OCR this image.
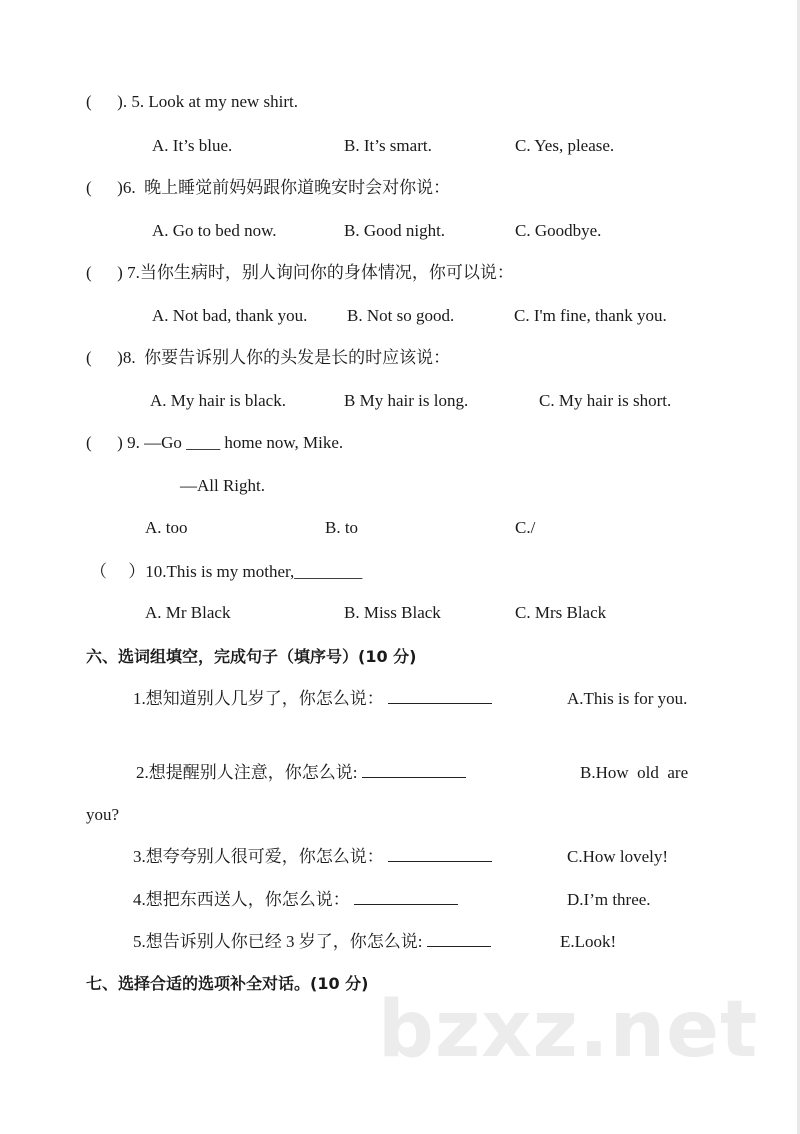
(      ). 5. Look at my new shirt.
A. It’s blue.	B. It’s smart.	C. Yes, please.
(      )6.  晚上睡觉前妈妈跟你道晚安时会对你说：
A. Go to bed now.	B. Good night.	C. Goodbye.
(      ) 7.当你生病时，别人询问你的身体情况，你可以说：
A. Not bad, thank you. B. Not so good.	C. I'm fine, thank you.
(      )8.  你要告诉别人你的头发是长的时应该说：
A. My hair is black.	B My hair is long.	C. My hair is short.
(      ) 9. —Go ____ home now, Mike.
—All Right.
A. too	B. to	C./
（     ）10.This is my mother,________
A. Mr Black	B. Miss Black	C. Mrs Black
六、选词组填空，完成句子（填序号）(10 分)
1.想知道别人几岁了，你怎么说：	A.This is for you.
2.想提醒别人注意，你怎么说:	B.How  old  are
you?
3.想夸夸别人很可爱，你怎么说：	C.How lovely!
4.想把东西送人，你怎么说：	D.I’m three.
5.想告诉别人你已经 3 岁了，你怎么说:	E.Look!
七、选择合适的选项补全对话。(10 分)
bzxz.net
